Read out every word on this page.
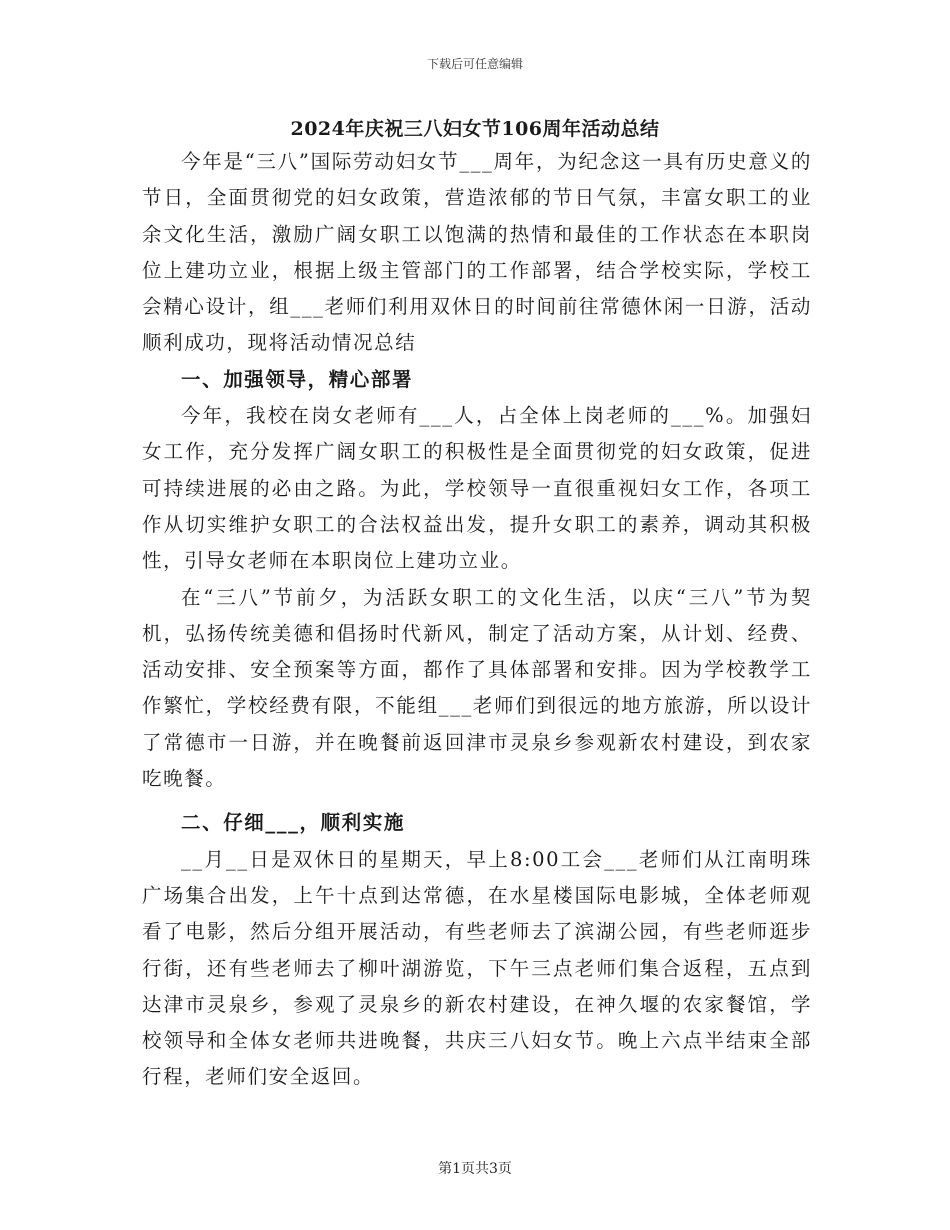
下载后可任意编辑
2024年庆祝三八妇女节106周年活动总结

今年是“三八”国际劳动妇女节___周年，为纪念这一具有历史意义的节日，全面贯彻党的妇女政策，营造浓郁的节日气氛，丰富女职工的业余文化生活，激励广阔女职工以饱满的热情和最佳的工作状态在本职岗位上建功立业，根据上级主管部门的工作部署，结合学校实际，学校工会精心设计，组___老师们利用双休日的时间前往常德休闲一日游，活动顺利成功，现将活动情况总结

一、加强领导，精心部署

今年，我校在岗女老师有___人，占全体上岗老师的___%。加强妇女工作，充分发挥广阔女职工的积极性是全面贯彻党的妇女政策，促进可持续进展的必由之路。为此，学校领导一直很重视妇女工作，各项工作从切实维护女职工的合法权益出发，提升女职工的素养，调动其积极性，引导女老师在本职岗位上建功立业。

在“三八”节前夕，为活跃女职工的文化生活，以庆“三八”节为契机，弘扬传统美德和倡扬时代新风，制定了活动方案，从计划、经费、活动安排、安全预案等方面，都作了具体部署和安排。因为学校教学工作繁忙，学校经费有限，不能组___老师们到很远的地方旅游，所以设计了常德市一日游，并在晚餐前返回津市灵泉乡参观新农村建设，到农家吃晚餐。

二、仔细___，顺利实施

__月__日是双休日的星期天，早上8:00工会___老师们从江南明珠广场集合出发，上午十点到达常德，在水星楼国际电影城，全体老师观看了电影，然后分组开展活动，有些老师去了滨湖公园，有些老师逛步行街，还有些老师去了柳叶湖游览，下午三点老师们集合返程，五点到达津市灵泉乡，参观了灵泉乡的新农村建设，在神久堰的农家餐馆，学校领导和全体女老师共进晚餐，共庆三八妇女节。晚上六点半结束全部行程，老师们安全返回。

第1页共3页
